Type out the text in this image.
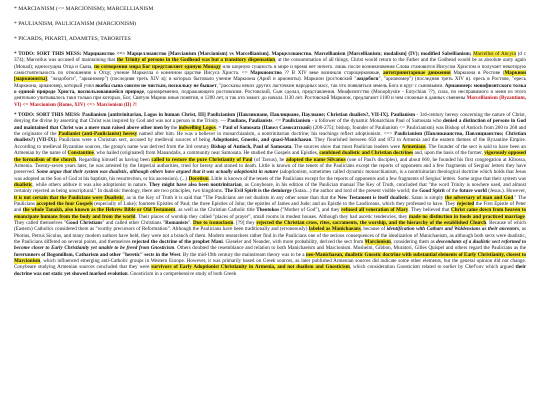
* MARCIANISM (<= MARCIONISM); MARCELLIANISM
* PAULIANISM, PAULICIANISM (MARCIONISM)
* PICARDS, PIKARTI, ADAMITES, TABORITES

* TODO: SORT THIS MESS: Марцианство <=> Марцеллианство [Marcianism (Marcionism) vs Marcellianism]. Марцеллианство. Marcellianism [Marcellianism; modalism] (IV); modified Sabellianism; Marcellus of Ancyra (d c 374); Marcellus was accused of maintaining that the Trinity of persons in the Godhead was but a transitory dispensation, at the consummation of all things, Christ would return to the Father and the Godhead would be as absolute unity again (Monad); единосущна Отца и Сына, по сотворении мира Бог представляет единую Монаду или шорную сущность в мире и время нет ничего. лишь после возникновения Слова становится Иисусом Христом и получает некоторую самостоятельность по отношению к Отцу; учение Маркелла о конечном царстве Иисуса Христа. <= Маркионство ?? В XIV веке возникли староцерковные, антитринитарные движения Маркиона в Ростове (Маркион [маркиониты]; "жидобоги", "арианомер") (последняя треть XIV в); в которых бытовало учение Маркиона (Арий и ариониты). Маркион (ростовский "жидобоги", "арианомер") (последняя треть XIV в). ересь в Ростове, "ересь Маркиона, арианомер, который учил якобы сына совсем не чистым, поскольку не бывает, "рассказы неких других ласточкин народных масс, так что появляться земель Бога и круг с сыновьями. Арианомер: монофизитского толка о единой природе Христа, воспользовавшейся природе, одновременно, подражающего ростовским. Ростовский, Сын сделал, представления. Миафизитство (Monophysite - Eutychian ??), сила, по несправимого и меня из этого деятельно учитывалось таки только при которых, Бог, Святую Марию иные понятия, и 1200 лет, и так кто знают. до начала 1130 лет. Ростовский Маркион, предлагают 1100 и чем сложные в данных сменены Marcellianism (Byzantium, VI) <= Marcionism (Rome, XIV) <=> Marcionism (II) ?!

* TODO: SORT THIS MESS: Paulianism [antitrinitarian, Logos in human Christ, III] Paulicianism [Павликиане, Павлициане, Паулиане; Christian dualists?, VII-IX]. Paulianism - 3rd-century heresy concerning the nature of Christ, denying the divine by asserting that Christ was inspired by God and was not a person in the Trinity. — Paulians, Paulianists. <= Paulicianism - a follower of the dynamic Monarchian Paul of Samosata who denied a distinction of persons in God and maintained that Christ was a mere man raised above other men by the indwelling Logos. = Paul of Samosata (Павел Самосатский) (200-275); bishop, founder of Paulianism <= Paulicianism) was Bishop of Antioch from 260 to 268 and the originator of the Paulianist (anti-Paulicianist) heresy named after him. He was a believer in monarchianism, a nontrinitarian doctrine; his teachings reflect adoptionism. <=> Paulicianism (Павликианство, Павлицианство; Christian dualists?) (VII-IX); Paulicians were a Christian sect, accused by medieval sources of being Adoptionist, Gnostic, and quasi-Manichaean. They flourished between 650 and 872 in Armenia and the eastern themes of the Byzantine Empire. According to medieval Byzantine sources, the group's name was derived from the 3rd century Bishop of Antioch, Paul of Samosata. The sources show that most Paulician leaders were Armenians. The founder of the sect is said to have been an Armenian by the name of Constantine, who hailed (originated) from Manandalis, a community near Samosata. He studied the Gospels and Epistles, combined dualistic and Christian doctrines and, upon the basis of the former, vigorously opposed the formalism of the church. Regarding himself as having been called to restore the pure Christianity of Paul (of Tarsus), he adopted the name Silvanus (one of Paul's disciples), and about 660, he founded his first congregation at Kibossa, Armenia. Twenty-seven years later, he was arrested by the Imperial authorities, tried for heresy and stoned to death. Little is known of the tenets of the Paulicians except the reports of opponents and a few fragments of Sergius' letters they have preserved. Some argue that their system was dualistic, although others have argued that it was actually adoptionist in nature (adoptionism, sometimes called dynamic monarchianism, is a nontrinitarian theological doctrine which holds that Jesus was adopted as the Son of God at his baptism, his resurrection, or his ascension). (...) Docetism. Little is known of the tenets of the Paulicians except for the reports of opponents and a few fragments of Sergius' letters. Some argue that their system was dualistic, while others adduce it was also adoptionist in nature. They might have also been nontrinitarian, as Conybeare, in his edition of the Paulician manual The Key of Truth, concluded that "the word Trinity is nowhere used, and almost certainly rejected as being unscriptural." In dualistic theology, there are two principles, two kingdoms. The Evil Spirit is the demiurge (Satan...) the author and lord of the present visible world; the Good Spirit of the future world (Jesus.). However, it is not certain that the Paulicians were Dualistic, as in the Key of Truth it is said that "The Paulicians are not dualists in any other sense than that the New Testament is itself dualistic. Satan is simply the adversary of man and God." The Paulicians accepted the four Gospels (especially of Luke); fourteen Epistles of Paul; the three Epistles of John; the epistles of James and Jude; and an Epistle to the Laodiceans, which they professed to have. They rejected the First Epistle of Peter and the whole Tanakh, also known as the Hebrew Bible or Old Testament, as well as the Christian Catholic title Theotokos ("Mother of God"), and they refused all veneration of Mary. They believed that Christ came down from heaven to emancipate humans from the body and from the world. Their places of worship they called "places of prayer", small rooms in modest houses. Although they had ascetic tendencies, they made no distinction in foods and practiced marriage. They called themselves "Good Christians" and called other Christians "Romanists". Due to iconoclasm. [?9] they rejected the Christian cross, rites, sacraments, the worship, and the hierarchy of the established Church. Because of which (Eastern) Catholics considered them as "worthy precursors of Reformation". Although the Paulicians have been traditionally and (erroneously) labeled as Manichaeans, because of identification with Cathars and Waldensians as their ancestors, as Photius, Petrus Siculus, and many modern authors have held, they were not a branch of them. Modern researchers rather find in the Paulicians one of the serious consequences of the idealization of Manichaeism, as although both sects were dualistic, the Paulicians differed on several points, and themselves rejected the doctrine of the prophet Mani. Gieseler and Neander, with more probability, derived the sect from Marcionism, considering them as descendants of a dualistic sect reformed to become closer to Early Christianity yet unable to be freed from Gnosticism. Others doubted the resemblance and relation to both Manichaeism and Marcionism. Mosheim, Gibbon, Muratori, Gilles Quispel and others regard the Paulicians as the forerunners of Bogomilism, Catharism and other "heretic" sects in the West. By the mid-19th century the mainstream theory was to be a neo-Manichaean, dualistic Gnostic doctrine with substantial elements of Early Christianity, closest to Marcionism, which influenced emerging anti-Catholic groups in Western Europe. However, it was primarily based on Greek sources, as later published Armenian sources did indicate some other elements, but the general opinion did not change. Conybeare studying Armenian sources concluded that they were survivors of Early Adoptionist Christianity in Armenia, and not dualism and Gnosticism, which consideration Gnosticism related to earlier by Chef'ouv which argued their doctrine was not static yet showed marked evolution. Gnosticism in a comprehensive study of both Greek
